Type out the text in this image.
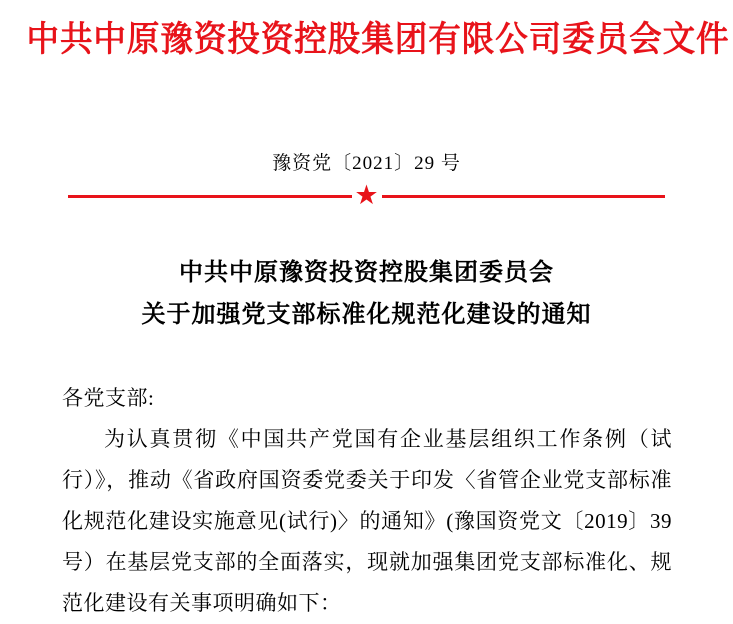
中共中原豫资投资控股集团有限公司委员会文件
豫资党〔2021〕29 号
★
中共中原豫资投资控股集团委员会
关于加强党支部标准化规范化建设的通知

各党支部:

为认真贯彻《中国共产党国有企业基层组织工作条例（试行）》，推动《省政府国资委党委关于印发〈省管企业党支部标准化规范化建设实施意见(试行)〉的通知》(豫国资党文〔2019〕39 号）在基层党支部的全面落实，现就加强集团党支部标准化、规范化建设有关事项明确如下：
